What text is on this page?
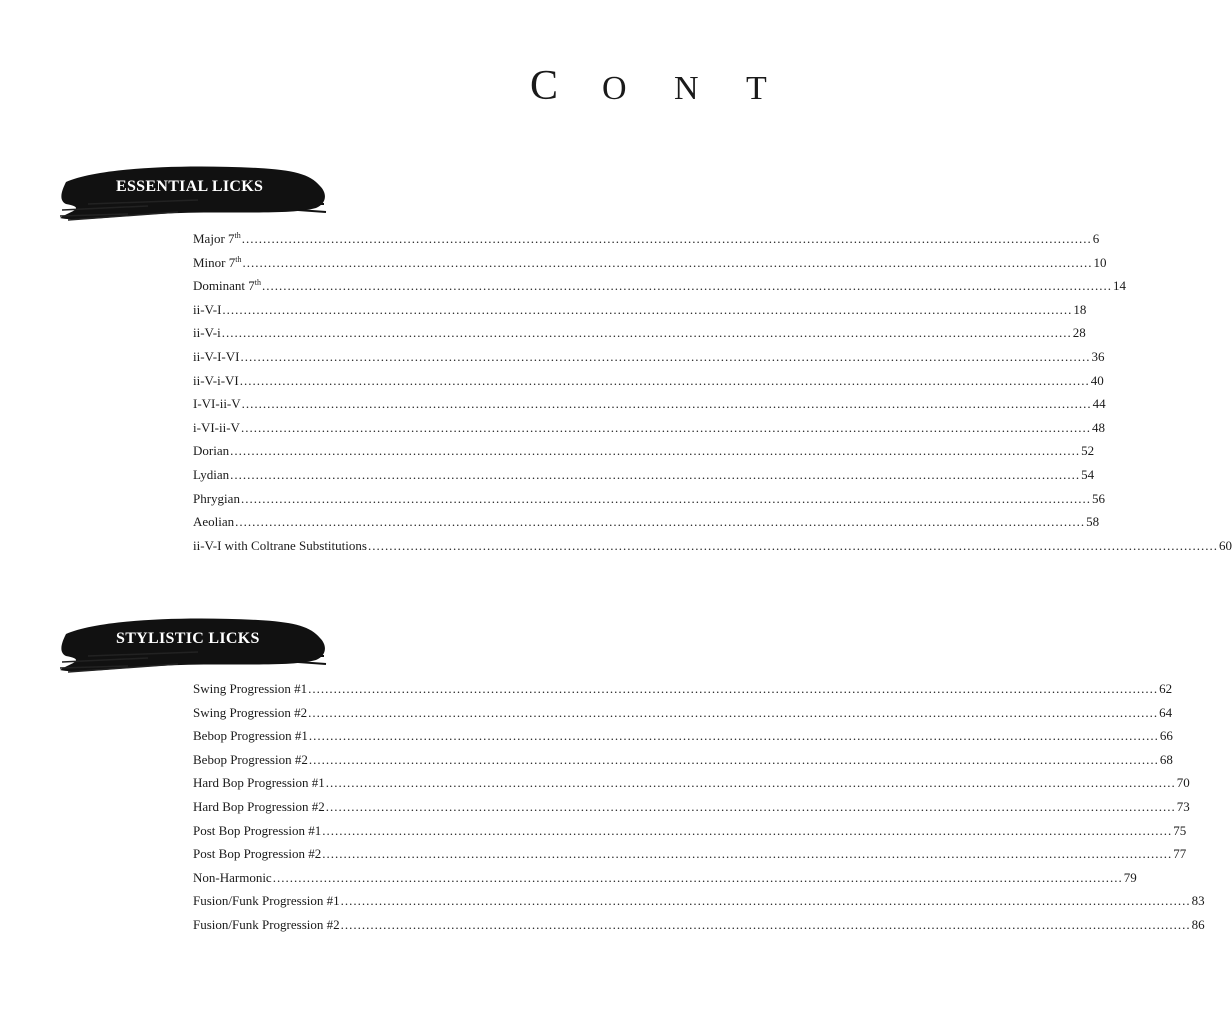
C O N T
ESSENTIAL LICKS
Major 7th .....	6
Minor 7th .....	10
Dominant 7th .....	14
ii-V-I .....	18
ii-V-i .....	28
ii-V-I-VI .....	36
ii-V-i-VI .....	40
I-VI-ii-V .....	44
i-VI-ii-V .....	48
Dorian .....	52
Lydian .....	54
Phrygian .....	56
Aeolian .....	58
ii-V-I with Coltrane Substitutions .....	60
STYLISTIC LICKS
Swing Progression #1 .....	62
Swing Progression #2 .....	64
Bebop Progression #1 .....	66
Bebop Progression #2 .....	68
Hard Bop Progression #1 .....	70
Hard Bop Progression #2 .....	73
Post Bop Progression #1 .....	75
Post Bop Progression #2 .....	77
Non-Harmonic .....	79
Fusion/Funk Progression #1 .....	83
Fusion/Funk Progression #2 .....	86
